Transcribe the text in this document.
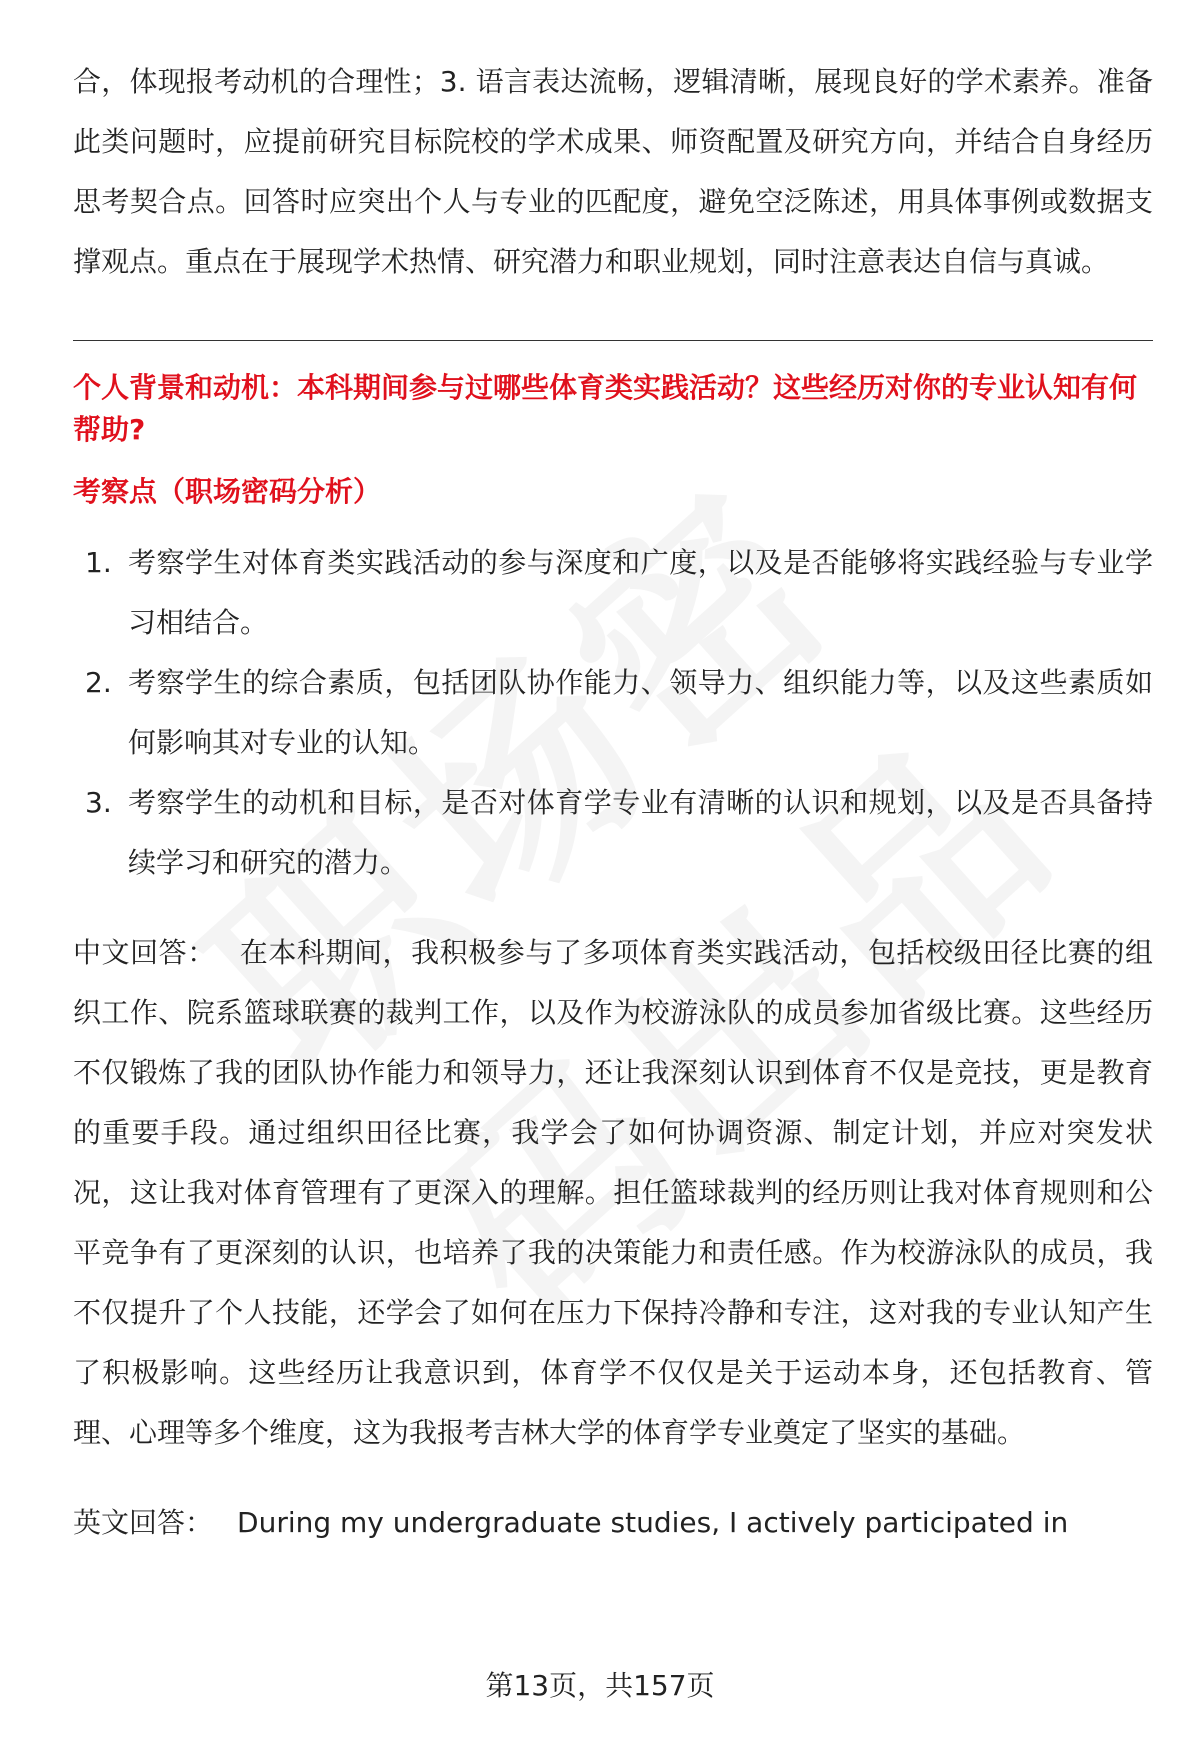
合，体现报考动机的合理性；3. 语言表达流畅，逻辑清晰，展现良好的学术素养。准备此类问题时，应提前研究目标院校的学术成果、师资配置及研究方向，并结合自身经历思考契合点。回答时应突出个人与专业的匹配度，避免空泛陈述，用具体事例或数据支撑观点。重点在于展现学术热情、研究潜力和职业规划，同时注意表达自信与真诚。

个人背景和动机：本科期间参与过哪些体育类实践活动？这些经历对你的专业认知有何帮助?

考察点（职场密码分析）

1. 考察学生对体育类实践活动的参与深度和广度，以及是否能够将实践经验与专业学习相结合。
2. 考察学生的综合素质，包括团队协作能力、领导力、组织能力等，以及这些素质如何影响其对专业的认知。
3. 考察学生的动机和目标，是否对体育学专业有清晰的认识和规划，以及是否具备持续学习和研究的潜力。

中文回答： 在本科期间，我积极参与了多项体育类实践活动，包括校级田径比赛的组织工作、院系篮球联赛的裁判工作，以及作为校游泳队的成员参加省级比赛。这些经历不仅锻炼了我的团队协作能力和领导力，还让我深刻认识到体育不仅是竞技，更是教育的重要手段。通过组织田径比赛，我学会了如何协调资源、制定计划，并应对突发状况，这让我对体育管理有了更深入的理解。担任篮球裁判的经历则让我对体育规则和公平竞争有了更深刻的认识，也培养了我的决策能力和责任感。作为校游泳队的成员，我不仅提升了个人技能，还学会了如何在压力下保持冷静和专注，这对我的专业认知产生了积极影响。这些经历让我意识到，体育学不仅仅是关于运动本身，还包括教育、管理、心理等多个维度，这为我报考吉林大学的体育学专业奠定了坚实的基础。

英文回答： During my undergraduate studies, I actively participated in

第13页，共157页
